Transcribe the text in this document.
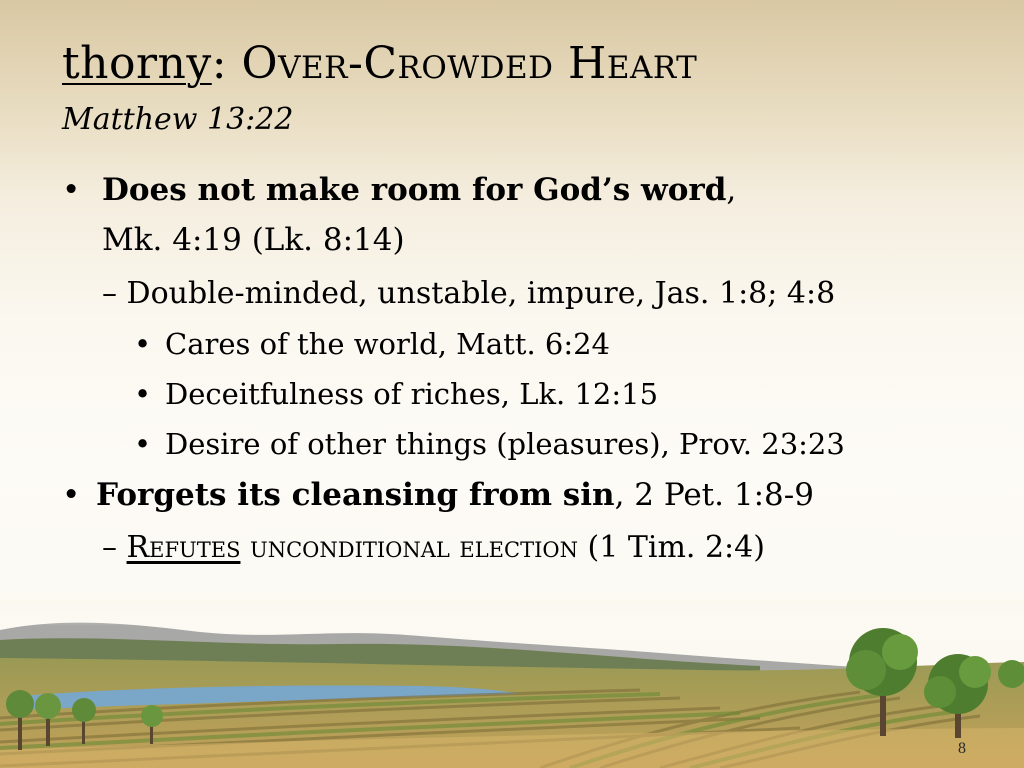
thorny: Over-Crowded Heart
Matthew 13:22
• Does not make room for God’s word,
Mk. 4:19 (Lk. 8:14)
– Double-minded, unstable, impure, Jas. 1:8; 4:8
• Cares of the world, Matt. 6:24
• Deceitfulness of riches, Lk. 12:15
• Desire of other things (pleasures), Prov. 23:23
• Forgets its cleansing from sin, 2 Pet. 1:8-9
– Refutes unconditional election (1 Tim. 2:4)
8
